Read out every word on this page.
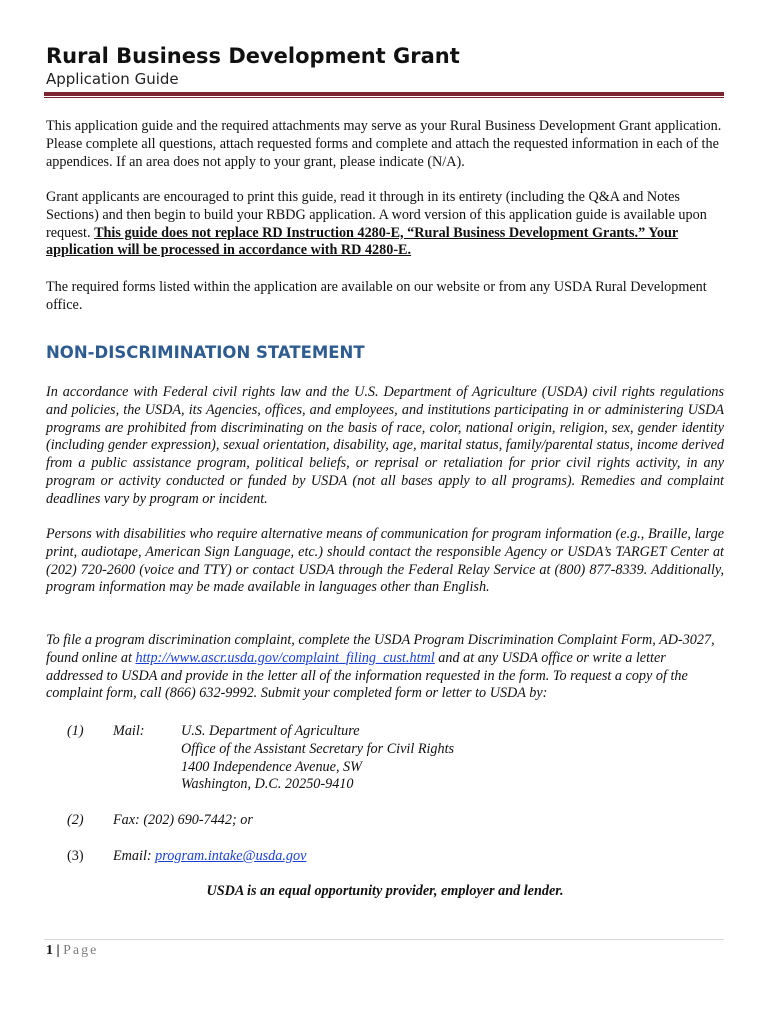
Rural Business Development Grant

Application Guide

This application guide and the required attachments may serve as your Rural Business Development Grant application. Please complete all questions, attach requested forms and complete and attach the requested information in each of the appendices. If an area does not apply to your grant, please indicate (N/A).

Grant applicants are encouraged to print this guide, read it through in its entirety (including the Q&A and Notes Sections) and then begin to build your RBDG application. A word version of this application guide is available upon request. This guide does not replace RD Instruction 4280-E, “Rural Business Development Grants.” Your application will be processed in accordance with RD 4280-E.

The required forms listed within the application are available on our website or from any USDA Rural Development office.

NON-DISCRIMINATION STATEMENT

In accordance with Federal civil rights law and the U.S. Department of Agriculture (USDA) civil rights regulations and policies, the USDA, its Agencies, offices, and employees, and institutions participating in or administering USDA programs are prohibited from discriminating on the basis of race, color, national origin, religion, sex, gender identity (including gender expression), sexual orientation, disability, age, marital status, family/parental status, income derived from a public assistance program, political beliefs, or reprisal or retaliation for prior civil rights activity, in any program or activity conducted or funded by USDA (not all bases apply to all programs). Remedies and complaint deadlines vary by program or incident.

Persons with disabilities who require alternative means of communication for program information (e.g., Braille, large print, audiotape, American Sign Language, etc.) should contact the responsible Agency or USDA’s TARGET Center at (202) 720-2600 (voice and TTY) or contact USDA through the Federal Relay Service at (800) 877-8339. Additionally, program information may be made available in languages other than English.

To file a program discrimination complaint, complete the USDA Program Discrimination Complaint Form, AD-3027, found online at http://www.ascr.usda.gov/complaint_filing_cust.html and at any USDA office or write a letter addressed to USDA and provide in the letter all of the information requested in the form. To request a copy of the complaint form, call (866) 632-9992. Submit your completed form or letter to USDA by:

(1) Mail:	U.S. Department of Agriculture
Office of the Assistant Secretary for Civil Rights
1400 Independence Avenue, SW
Washington, D.C. 20250-9410
(2) Fax: (202) 690-7442; or
(3) Email: program.intake@usda.gov

USDA is an equal opportunity provider, employer and lender.

1 | Page
